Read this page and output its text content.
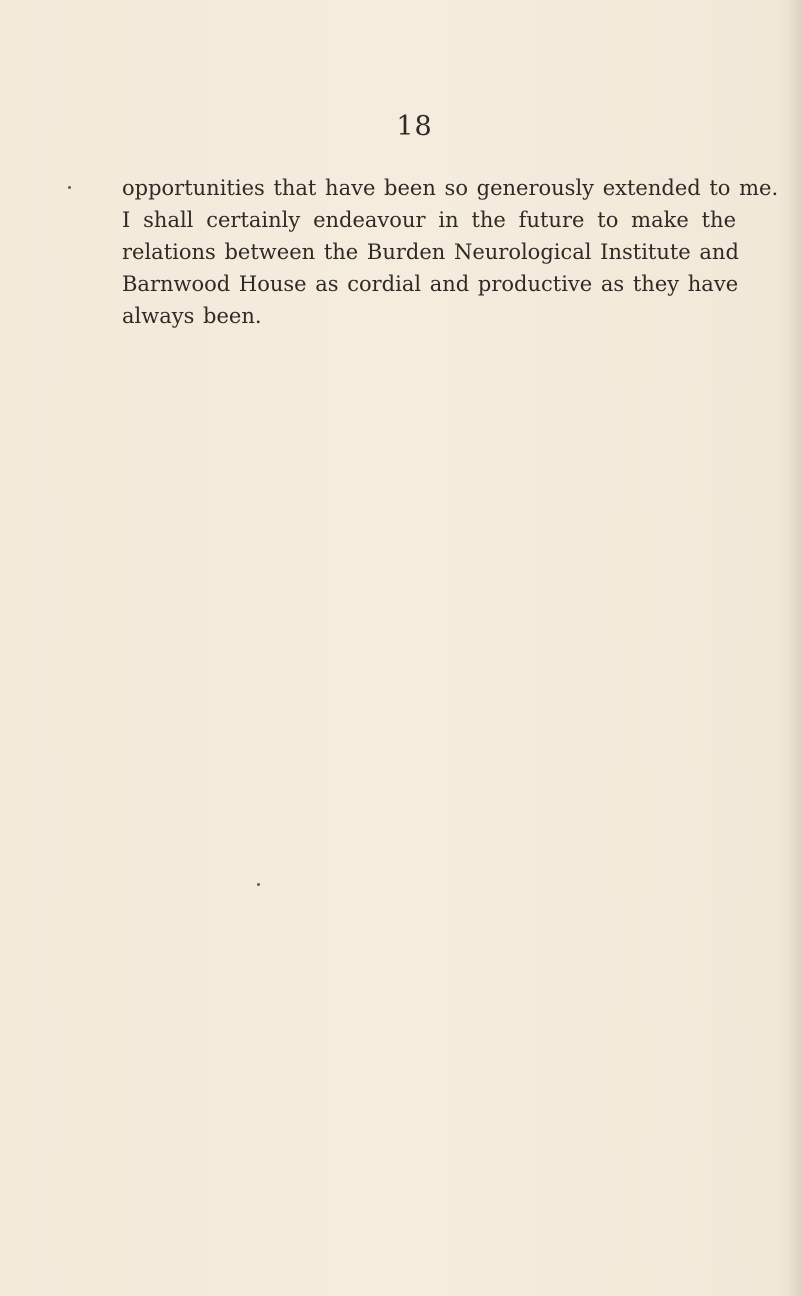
18

opportunities that have been so generously extended to me.
I shall certainly endeavour in the future to make the
relations between the Burden Neurological Institute and
Barnwood House as cordial and productive as they have
always been.
